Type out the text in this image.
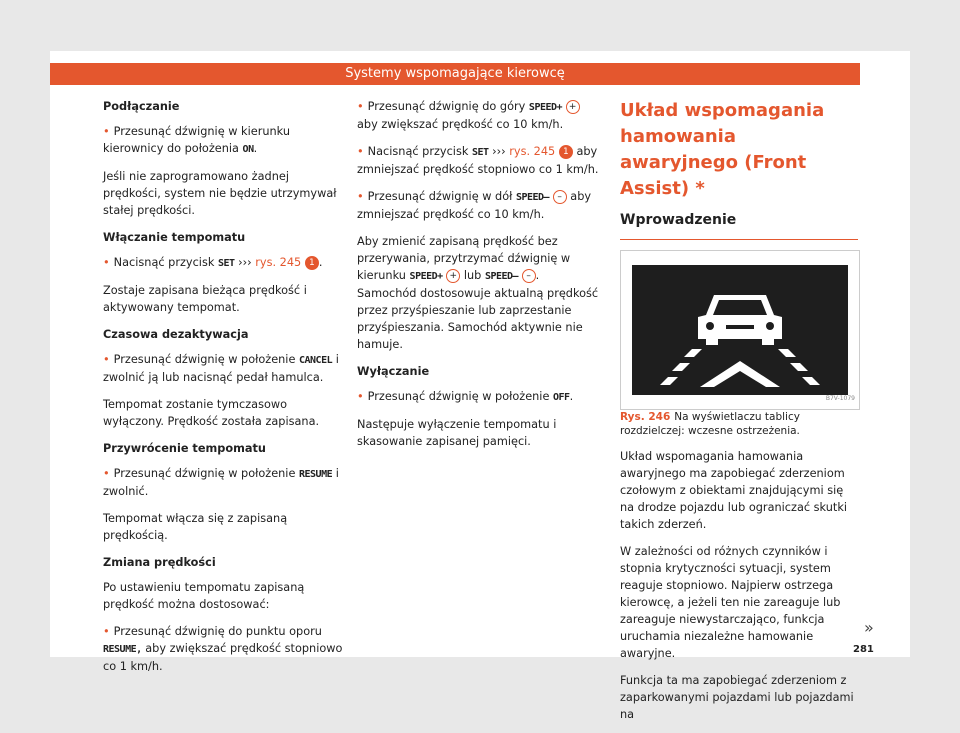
Systemy wspomagające kierowcę

Podłączanie

• Przesunąć dźwignię w kierunku kierownicy do położenia ON.

Jeśli nie zaprogramowano żadnej prędkości, system nie będzie utrzymywał stałej prędkości.

Włączanie tempomatu

• Nacisnąć przycisk SET ››› rys. 245 1 .

Zostaje zapisana bieżąca prędkość i aktywowany tempomat.

Czasowa dezaktywacja

• Przesunąć dźwignię w położenie CANCEL i zwolnić ją lub nacisnąć pedał hamulca.

Tempomat zostanie tymczasowo wyłączony. Prędkość została zapisana.

Przywrócenie tempomatu

• Przesunąć dźwignię w położenie RESUME i zwolnić.

Tempomat włącza się z zapisaną prędkością.

Zmiana prędkości

Po ustawieniu tempomatu zapisaną prędkość można dostosować:

• Przesunąć dźwignię do punktu oporu RESUME, aby zwiększać prędkość stopniowo co 1 km/h.

• Przesunąć dźwignię do góry SPEED+ + aby zwiększać prędkość co 10 km/h.

• Nacisnąć przycisk SET ››› rys. 245 1 aby zmniejszać prędkość stopniowo co 1 km/h.

• Przesunąć dźwignię w dół SPEED– – aby zmniejszać prędkość co 10 km/h.

Aby zmienić zapisaną prędkość bez przerywania, przytrzymać dźwignię w kierunku SPEED+ + lub SPEED– – . Samochód dostosowuje aktualną prędkość przez przyśpieszanie lub zaprzestanie przyśpieszania. Samochód aktywnie nie hamuje.

Wyłączanie

• Przesunąć dźwignię w położenie OFF.

Następuje wyłączenie tempomatu i skasowanie zapisanej pamięci.

Układ wspomagania hamowania awaryjnego (Front Assist) *

Wprowadzenie

B7V-1079

Rys. 246 Na wyświetlaczu tablicy rozdzielczej: wczesne ostrzeżenia.

Układ wspomagania hamowania awaryjnego ma zapobiegać zderzeniom czołowym z obiektami znajdującymi się na drodze pojazdu lub ograniczać skutki takich zderzeń.

W zależności od różnych czynników i stopnia krytyczności sytuacji, system reaguje stopniowo. Najpierw ostrzega kierowcę, a jeżeli ten nie zareaguje lub zareaguje niewystarczająco, funkcja uruchamia niezależne hamowanie awaryjne.

Funkcja ta ma zapobiegać zderzeniom z zaparkowanymi pojazdami lub pojazdami na

»
281
